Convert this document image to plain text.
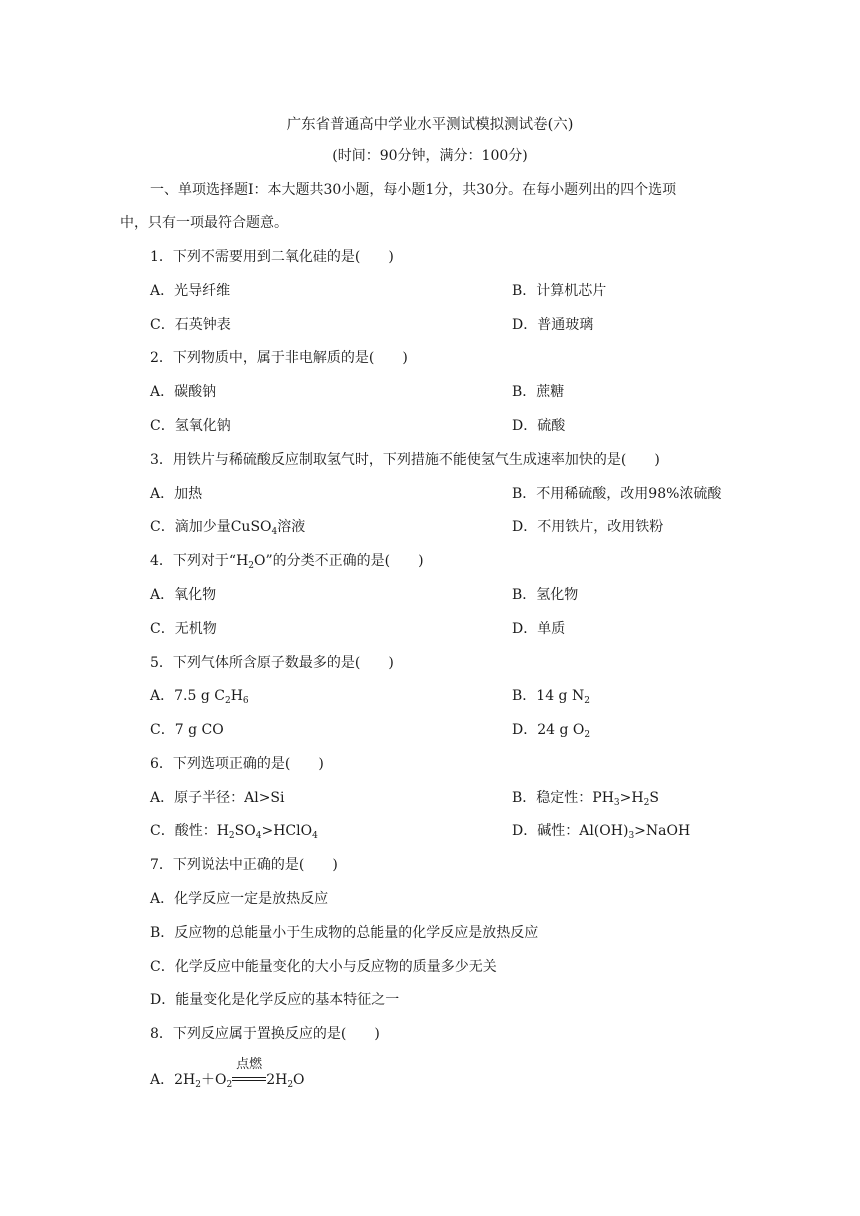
广东省普通高中学业水平测试模拟测试卷(六)
(时间：90分钟，满分：100分)
一、单项选择题Ⅰ：本大题共30小题，每小题1分，共30分。在每小题列出的四个选项
中，只有一项最符合题意。
1．下列不需要用到二氧化硅的是(　　)
A．光导纤维	B．计算机芯片
C．石英钟表	D．普通玻璃
2．下列物质中，属于非电解质的是(　　)
A．碳酸钠	B．蔗糖
C．氢氧化钠	D．硫酸
3．用铁片与稀硫酸反应制取氢气时，下列措施不能使氢气生成速率加快的是(　　)
A．加热	B．不用稀硫酸，改用98%浓硫酸
C．滴加少量CuSO$_4$溶液	D．不用铁片，改用铁粉
4．下列对于“$H_2O$”的分类不正确的是(　　)
A．氧化物	B．氢化物
C．无机物	D．单质
5．下列气体所含原子数最多的是(　　)
A．7.5 g $C_2H_6$	B．14 g $N_2$
C．7 g CO	D．24 g $O_2$
6．下列选项正确的是(　　)
A．原子半径：Al>Si	B．稳定性：$PH_3>H_2S$
C．酸性：$H_2SO_4>HClO_4$	D．碱性：$Al(OH)_3>NaOH$
7．下列说法中正确的是(　　)
A．化学反应一定是放热反应
B．反应物的总能量小于生成物的总能量的化学反应是放热反应
C．化学反应中能量变化的大小与反应物的质量多少无关
D．能量变化是化学反应的基本特征之一
8．下列反应属于置换反应的是(　　)
A．$2H_2+O_2$
点燃
$2H_2O$
